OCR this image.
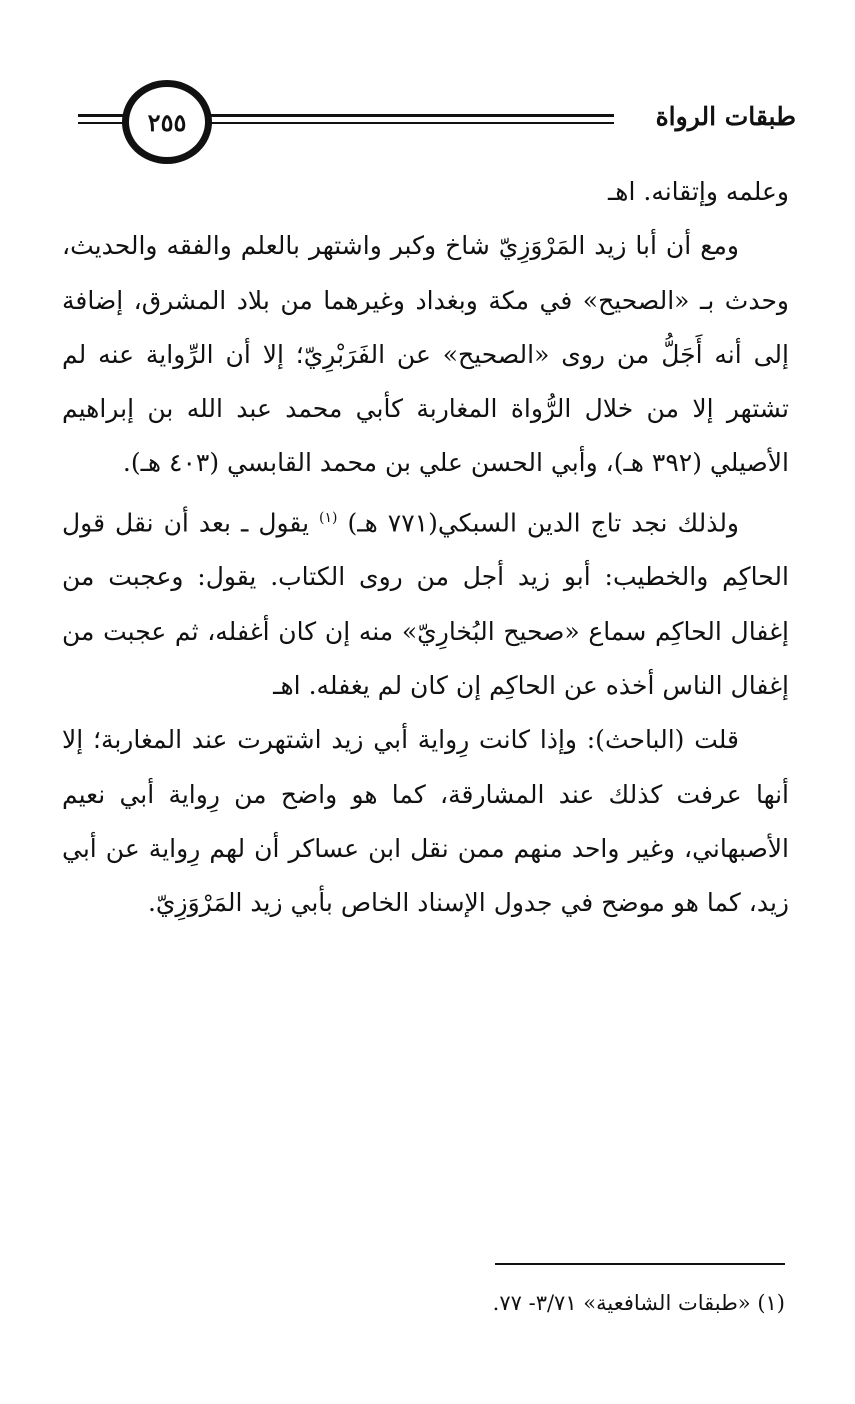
طبقات الرواة
٢٥٥

وعلمه وإتقانه. اهـ

ومع أن أبا زيد المَرْوَزِيّ شاخ وكبر واشتهر بالعلم والفقه والحديث، وحدث بـ «الصحيح» في مكة وبغداد وغيرهما من بلاد المشرق، إضافة إلى أنه أَجَلُّ من روى «الصحيح» عن الفَرَبْرِيّ؛ إلا أن الرِّواية عنه لم تشتهر إلا من خلال الرُّواة المغاربة كأبي محمد عبد الله بن إبراهيم الأصيلي (٣٩٢ هـ)، وأبي الحسن علي بن محمد القابسي (٤٠٣ هـ).

ولذلك نجد تاج الدين السبكي(٧٧١ هـ) $^{(١)}$ يقول ـ بعد أن نقل قول الحاكِم والخطيب: أبو زيد أجل من روى الكتاب. يقول: وعجبت من إغفال الحاكِم سماع «صحيح البُخارِيّ» منه إن كان أغفله، ثم عجبت من إغفال الناس أخذه عن الحاكِم إن كان لم يغفله. اهـ

قلت (الباحث): وإذا كانت رِواية أبي زيد اشتهرت عند المغاربة؛ إلا أنها عرفت كذلك عند المشارقة، كما هو واضح من رِواية أبي نعيم الأصبهاني، وغير واحد منهم ممن نقل ابن عساكر أن لهم رِواية عن أبي زيد، كما هو موضح في جدول الإسناد الخاص بأبي زيد المَرْوَزِيّ.

(١) «طبقات الشافعية» ٣/٧١- ٧٧.
